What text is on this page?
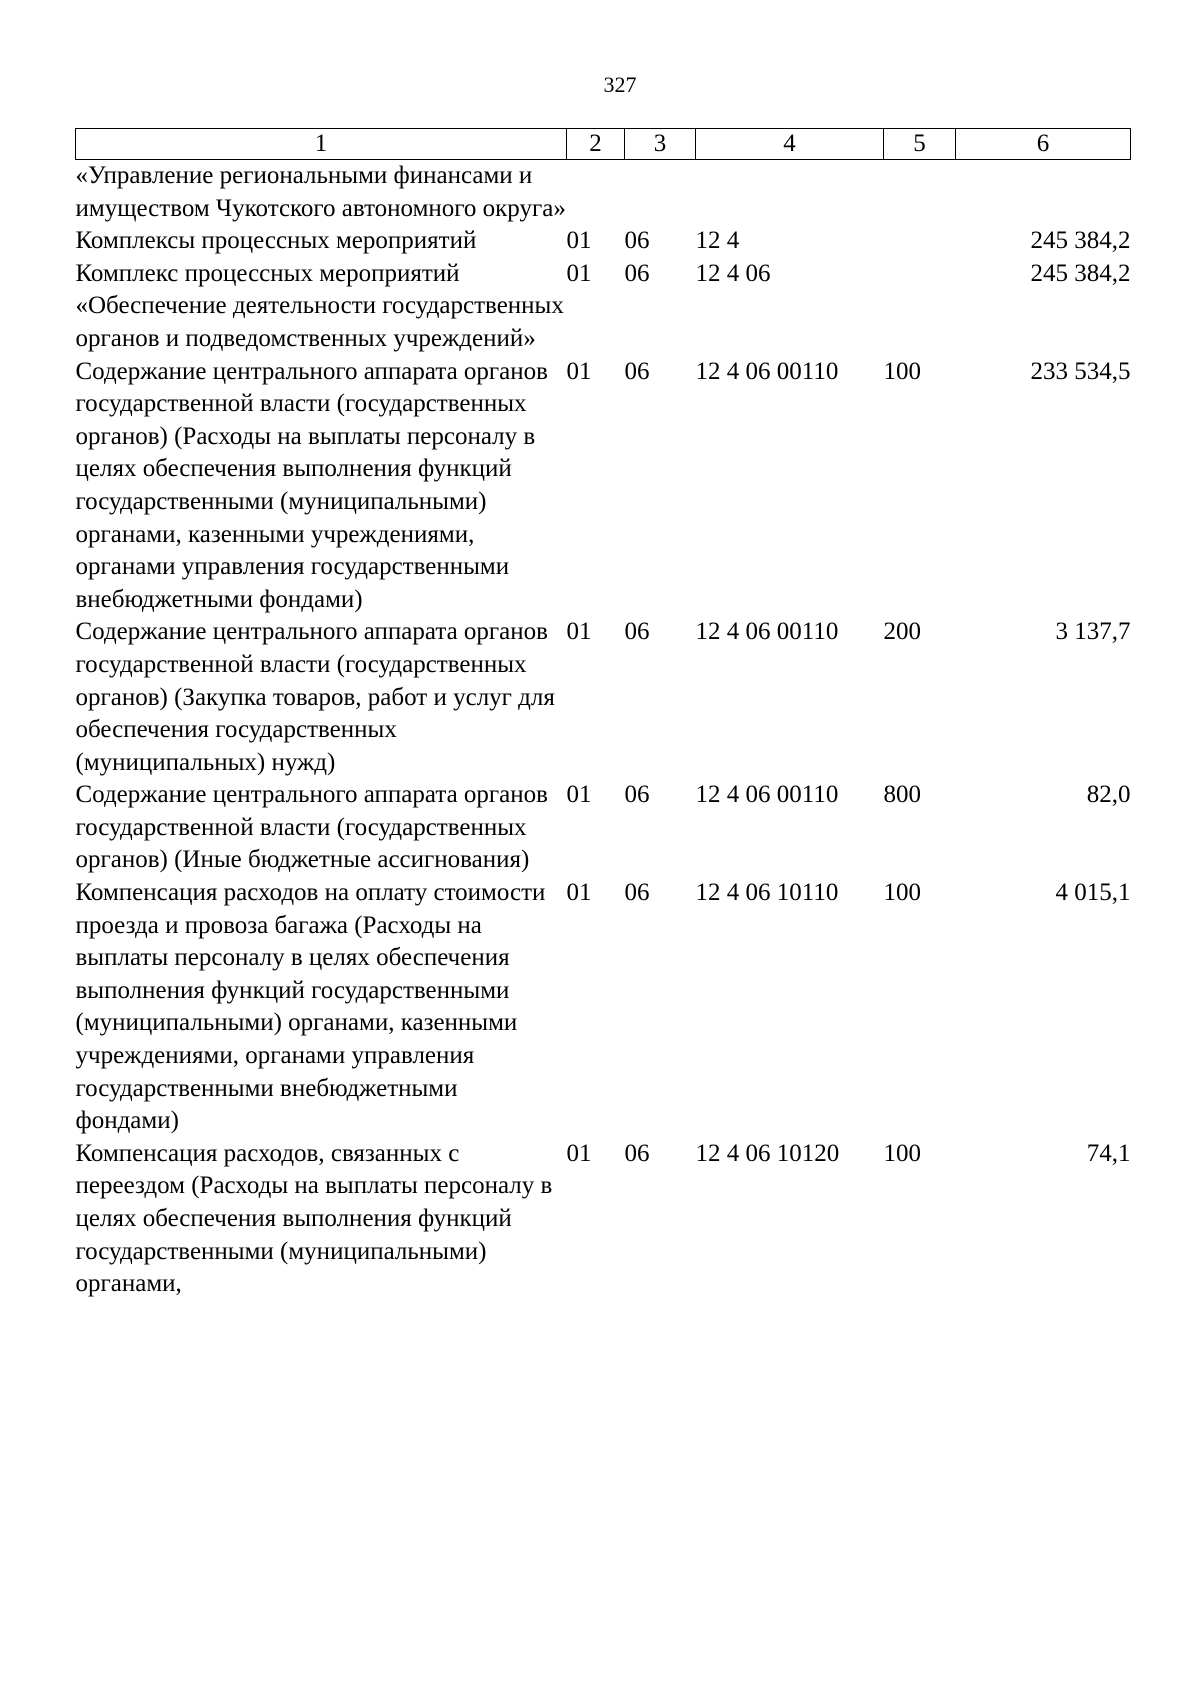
327
1	2	3	4	5	6
«Управление региональными финансами и имуществом Чукотского автономного округа»					
Комплексы процессных мероприятий	01	06	12 4		245 384,2
Комплекс процессных мероприятий «Обеспечение деятельности государственных органов и подведомственных учреждений»	01	06	12 4 06		245 384,2
Содержание центрального аппарата органов государственной власти (государственных органов) (Расходы на выплаты персоналу в целях обеспечения выполнения функций государственными (муниципальными) органами, казенными учреждениями, органами управления государственными внебюджетными фондами)	01	06	12 4 06 00110	100	233 534,5
Содержание центрального аппарата органов государственной власти (государственных органов) (Закупка товаров, работ и услуг для обеспечения государственных (муниципальных) нужд)	01	06	12 4 06 00110	200	3 137,7
Содержание центрального аппарата органов государственной власти (государственных органов) (Иные бюджетные ассигнования)	01	06	12 4 06 00110	800	82,0
Компенсация расходов на оплату стоимости проезда и провоза багажа (Расходы на выплаты персоналу в целях обеспечения выполнения функций государственными (муниципальными) органами, казенными учреждениями, органами управления государственными внебюджетными фондами)	01	06	12 4 06 10110	100	4 015,1
Компенсация расходов, связанных с переездом (Расходы на выплаты персоналу в целях обеспечения выполнения функций государственными (муниципальными) органами,	01	06	12 4 06 10120	100	74,1
